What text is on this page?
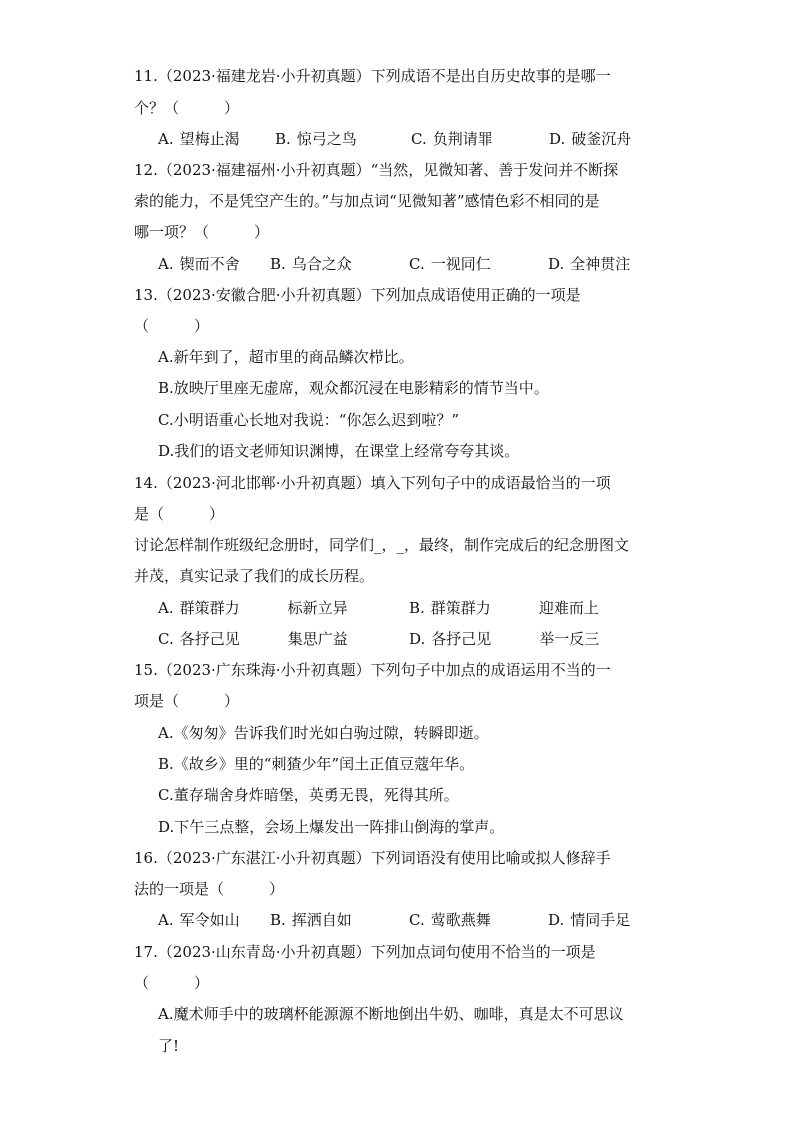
11.（2023·福建龙岩·小升初真题）下列成语不是出自历史故事的是哪一
个？（　　　）
A. 望梅止渴 B. 惊弓之鸟	C. 负荆请罪	D. 破釜沉舟
12.（2023·福建福州·小升初真题）“当然，见微知著、善于发问并不断探
索的能力，不是凭空产生的。”与加点词“见微知著”感情色彩不相同的是
哪一项？（　　　）
A. 锲而不舍 B. 乌合之众	C. 一视同仁	D. 全神贯注
13.（2023·安徽合肥·小升初真题）下列加点成语使用正确的一项是
（　　　）
A.新年到了，超市里的商品鳞次栉比。
B.放映厅里座无虚席，观众都沉浸在电影精彩的情节当中。
C.小明语重心长地对我说：“你怎么迟到啦？”
D.我们的语文老师知识渊博，在课堂上经常夸夸其谈。
14.（2023·河北邯郸·小升初真题）填入下列句子中的成语最恰当的一项
是（　　　）
讨论怎样制作班级纪念册时，同学们_，_，最终，制作完成后的纪念册图文
并茂，真实记录了我们的成长历程。
A. 群策群力	标新立异	B. 群策群力	迎难而上
C. 各抒己见	集思广益	D. 各抒己见	举一反三
15.（2023·广东珠海·小升初真题）下列句子中加点的成语运用不当的一
项是（　　　）
A.《匆匆》告诉我们时光如白驹过隙，转瞬即逝。
B.《故乡》里的“刺猹少年”闰土正值豆蔻年华。
C.董存瑞舍身炸暗堡，英勇无畏，死得其所。
D.下午三点整，会场上爆发出一阵排山倒海的掌声。
16.（2023·广东湛江·小升初真题）下列词语没有使用比喻或拟人修辞手
法的一项是（　　　）
A. 军令如山 B. 挥洒自如	C. 莺歌燕舞	D. 情同手足
17.（2023·山东青岛·小升初真题）下列加点词句使用不恰当的一项是
（　　　）
A.魔术师手中的玻璃杯能源源不断地倒出牛奶、咖啡，真是太不可思议
了!
